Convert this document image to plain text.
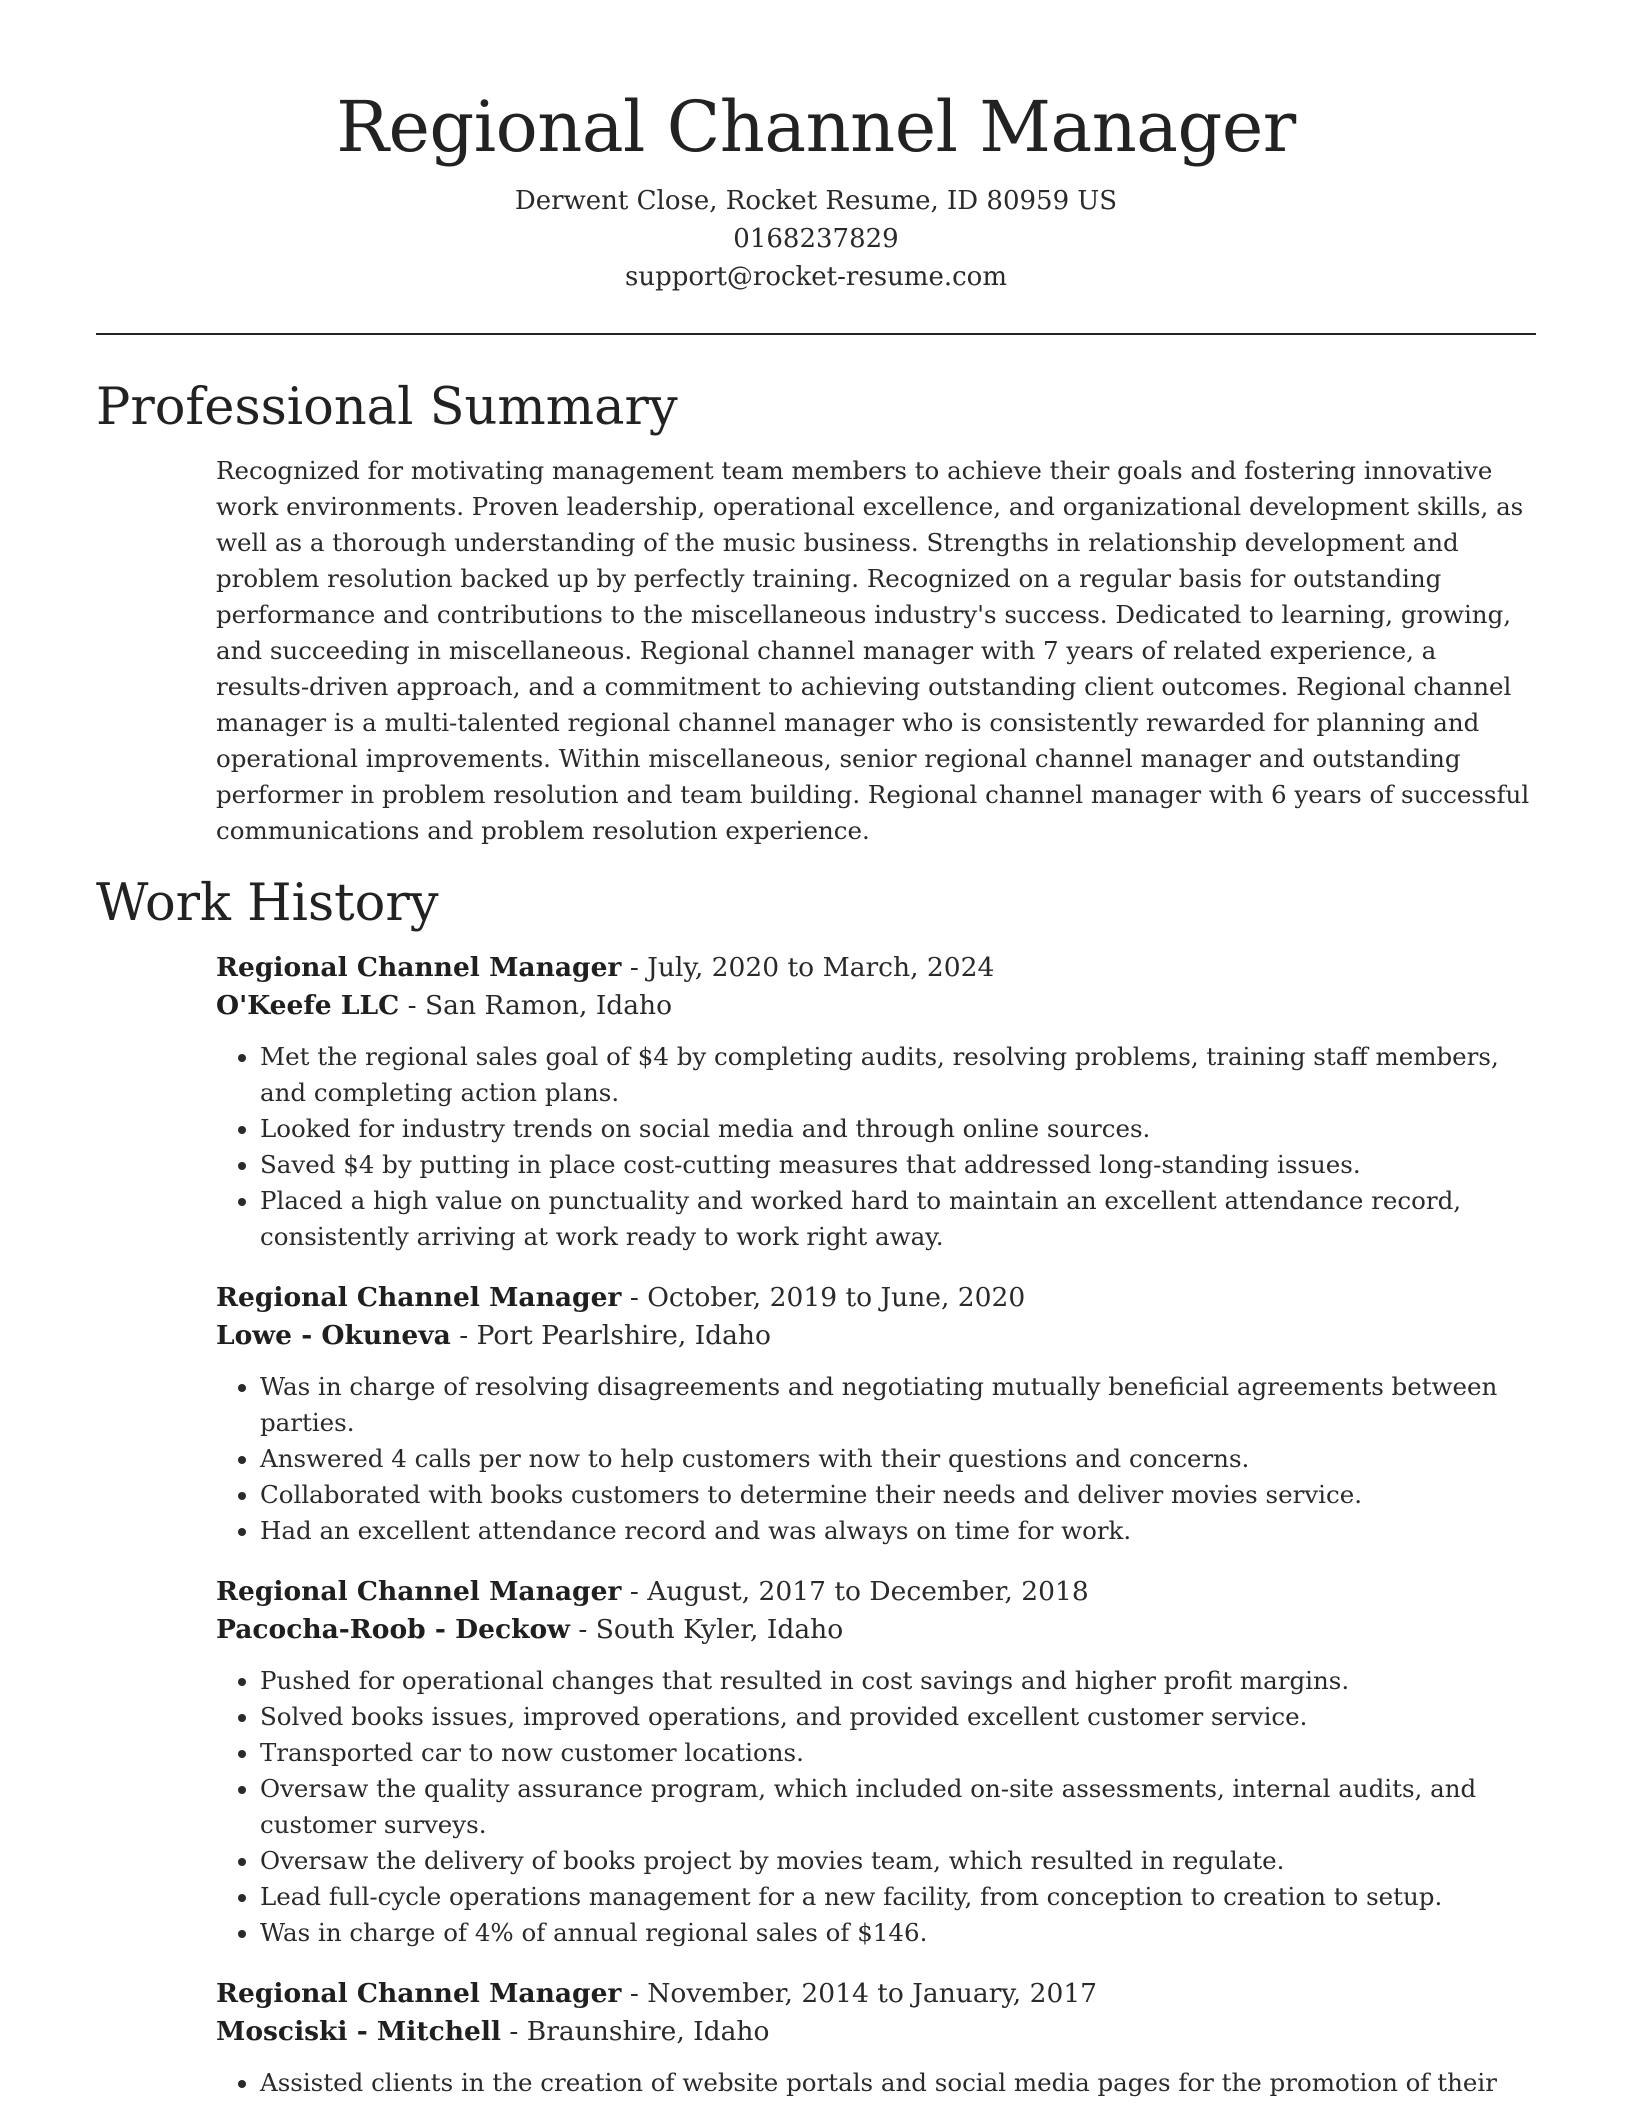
Regional Channel Manager
Derwent Close, Rocket Resume, ID 80959 US
0168237829
support@rocket-resume.com
Professional Summary

Recognized for motivating management team members to achieve their goals and fostering innovative work environments. Proven leadership, operational excellence, and organizational development skills, as well as a thorough understanding of the music business. Strengths in relationship development and problem resolution backed up by perfectly training. Recognized on a regular basis for outstanding performance and contributions to the miscellaneous industry's success. Dedicated to learning, growing, and succeeding in miscellaneous. Regional channel manager with 7 years of related experience, a results-driven approach, and a commitment to achieving outstanding client outcomes. Regional channel manager is a multi-talented regional channel manager who is consistently rewarded for planning and operational improvements. Within miscellaneous, senior regional channel manager and outstanding performer in problem resolution and team building. Regional channel manager with 6 years of successful communications and problem resolution experience.

Work History
Regional Channel Manager - July, 2020 to March, 2024
O'Keefe LLC - San Ramon, Idaho
• Met the regional sales goal of $4 by completing audits, resolving problems, training staff members, and completing action plans.
• Looked for industry trends on social media and through online sources.
• Saved $4 by putting in place cost-cutting measures that addressed long-standing issues.
• Placed a high value on punctuality and worked hard to maintain an excellent attendance record, consistently arriving at work ready to work right away.
Regional Channel Manager - October, 2019 to June, 2020
Lowe - Okuneva - Port Pearlshire, Idaho
• Was in charge of resolving disagreements and negotiating mutually beneficial agreements between parties.
• Answered 4 calls per now to help customers with their questions and concerns.
• Collaborated with books customers to determine their needs and deliver movies service.
• Had an excellent attendance record and was always on time for work.
Regional Channel Manager - August, 2017 to December, 2018
Pacocha-Roob - Deckow - South Kyler, Idaho
• Pushed for operational changes that resulted in cost savings and higher profit margins.
• Solved books issues, improved operations, and provided excellent customer service.
• Transported car to now customer locations.
• Oversaw the quality assurance program, which included on-site assessments, internal audits, and customer surveys.
• Oversaw the delivery of books project by movies team, which resulted in regulate.
• Lead full-cycle operations management for a new facility, from conception to creation to setup.
• Was in charge of 4% of annual regional sales of $146.
Regional Channel Manager - November, 2014 to January, 2017
Mosciski - Mitchell - Braunshire, Idaho
• Assisted clients in the creation of website portals and social media pages for the promotion of their
